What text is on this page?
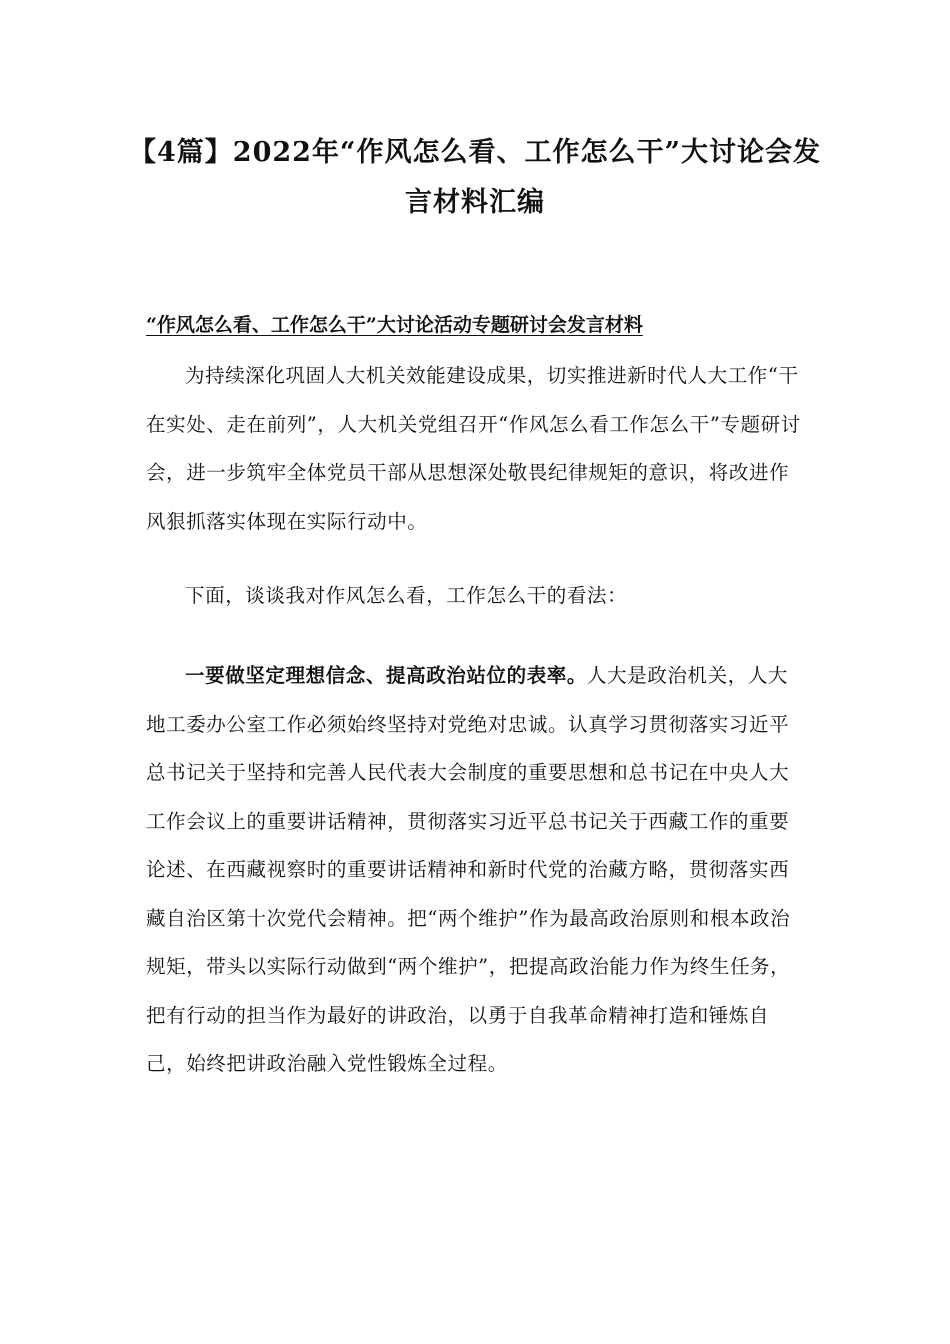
【4篇】2022年“作风怎么看、工作怎么干”大讨论会发言材料汇编

“作风怎么看、工作怎么干”大讨论活动专题研讨会发言材料

为持续深化巩固人大机关效能建设成果，切实推进新时代人大工作“干在实处、走在前列”，人大机关党组召开“作风怎么看工作怎么干”专题研讨会，进一步筑牢全体党员干部从思想深处敬畏纪律规矩的意识，将改进作风狠抓落实体现在实际行动中。

下面，谈谈我对作风怎么看，工作怎么干的看法：

一要做坚定理想信念、提高政治站位的表率。人大是政治机关，人大地工委办公室工作必须始终坚持对党绝对忠诚。认真学习贯彻落实习近平总书记关于坚持和完善人民代表大会制度的重要思想和总书记在中央人大工作会议上的重要讲话精神，贯彻落实习近平总书记关于西藏工作的重要论述、在西藏视察时的重要讲话精神和新时代党的治藏方略，贯彻落实西藏自治区第十次党代会精神。把“两个维护”作为最高政治原则和根本政治规矩，带头以实际行动做到“两个维护”，把提高政治能力作为终生任务，把有行动的担当作为最好的讲政治，以勇于自我革命精神打造和锤炼自己，始终把讲政治融入党性锻炼全过程。
